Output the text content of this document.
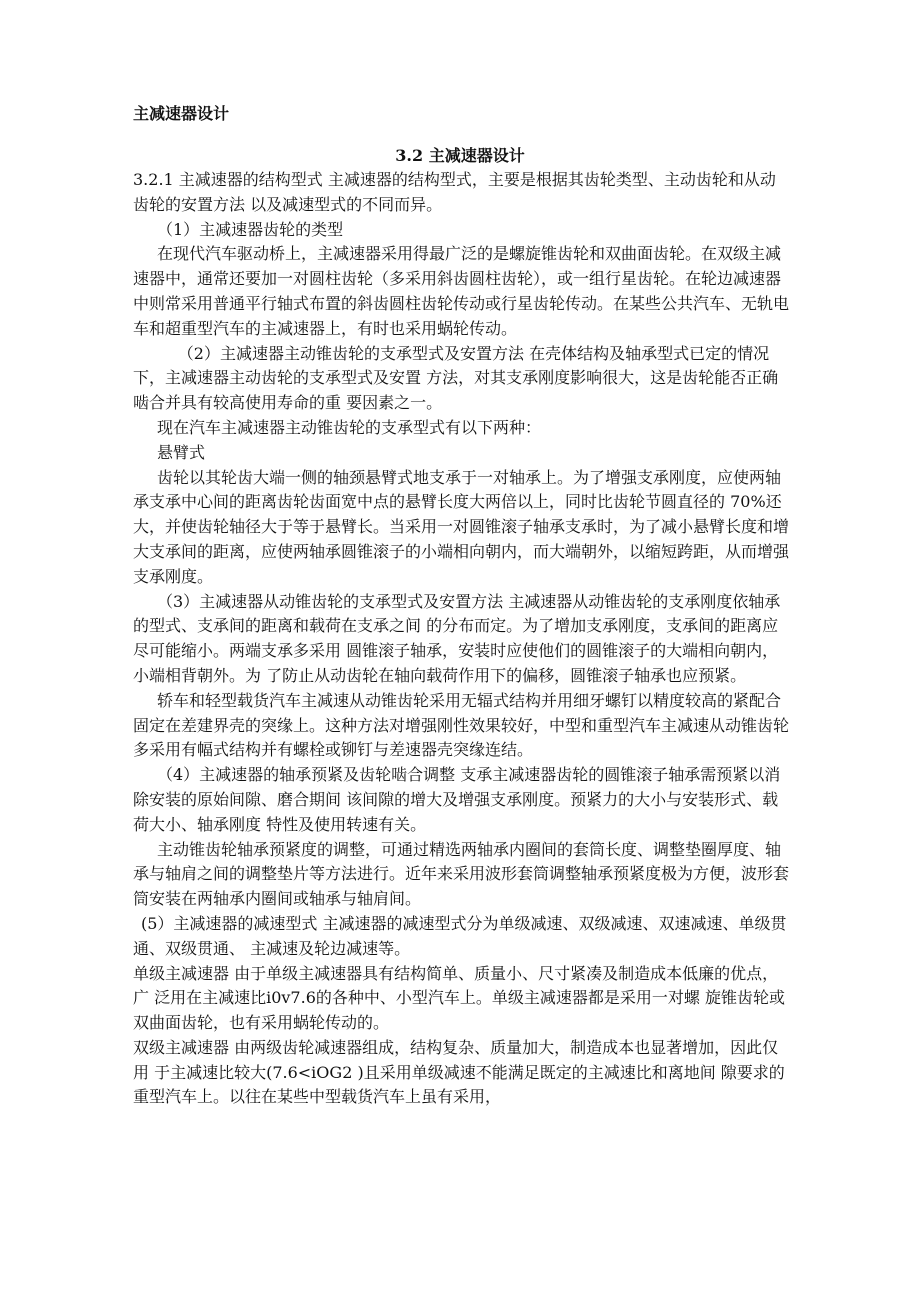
主减速器设计
3.2 主减速器设计

3.2.1 主减速器的结构型式 主减速器的结构型式，主要是根据其齿轮类型、主动齿轮和从动齿轮的安置方法 以及减速型式的不同而异。

（1）主减速器齿轮的类型

在现代汽车驱动桥上，主减速器采用得最广泛的是螺旋锥齿轮和双曲面齿轮。在双级主减速器中，通常还要加一对圆柱齿轮（多采用斜齿圆柱齿轮），或一组行星齿轮。在轮边减速器中则常采用普通平行轴式布置的斜齿圆柱齿轮传动或行星齿轮传动。在某些公共汽车、无轨电车和超重型汽车的主减速器上，有时也采用蜗轮传动。

（2）主减速器主动锥齿轮的支承型式及安置方法 在壳体结构及轴承型式已定的情况下，主减速器主动齿轮的支承型式及安置 方法，对其支承刚度影响很大，这是齿轮能否正确啮合并具有较高使用寿命的重 要因素之一。

现在汽车主减速器主动锥齿轮的支承型式有以下两种：

悬臂式

齿轮以其轮齿大端一侧的轴颈悬臂式地支承于一对轴承上。为了增强支承刚度，应使两轴承支承中心间的距离齿轮齿面宽中点的悬臂长度大两倍以上，同时比齿轮节圆直径的 70%还大，并使齿轮轴径大于等于悬臂长。当采用一对圆锥滚子轴承支承时，为了减小悬臂长度和增大支承间的距离，应使两轴承圆锥滚子的小端相向朝内，而大端朝外，以缩短跨距，从而增强支承刚度。

（3）主减速器从动锥齿轮的支承型式及安置方法 主减速器从动锥齿轮的支承刚度依轴承的型式、支承间的距离和载荷在支承之间 的分布而定。为了增加支承刚度，支承间的距离应尽可能缩小。两端支承多采用 圆锥滚子轴承，安装时应使他们的圆锥滚子的大端相向朝内，小端相背朝外。为 了防止从动齿轮在轴向载荷作用下的偏移，圆锥滚子轴承也应预紧。

轿车和轻型载货汽车主减速从动锥齿轮采用无辐式结构并用细牙螺钉以精度较高的紧配合固定在差建界壳的突缘上。这种方法对增强刚性效果较好，中型和重型汽车主减速从动锥齿轮多采用有幅式结构并有螺栓或铆钉与差速器壳突缘连结。

（4）主减速器的轴承预紧及齿轮啮合调整 支承主减速器齿轮的圆锥滚子轴承需预紧以消除安装的原始间隙、磨合期间 该间隙的增大及增强支承刚度。预紧力的大小与安装形式、载荷大小、轴承刚度 特性及使用转速有关。

主动锥齿轮轴承预紧度的调整，可通过精选两轴承内圈间的套筒长度、调整垫圈厚度、轴承与轴肩之间的调整垫片等方法进行。近年来采用波形套筒调整轴承预紧度极为方便，波形套筒安装在两轴承内圈间或轴承与轴肩间。

(5）主减速器的减速型式 主减速器的减速型式分为单级减速、双级减速、双速减速、单级贯通、双级贯通、 主减速及轮边减速等。

单级主减速器 由于单级主减速器具有结构简单、质量小、尺寸紧凑及制造成本低廉的优点，广 泛用在主减速比i0v7.6的各种中、小型汽车上。单级主减速器都是采用一对螺 旋锥齿轮或双曲面齿轮，也有采用蜗轮传动的。

双级主减速器 由两级齿轮减速器组成，结构复杂、质量加大，制造成本也显著增加，因此仅用 于主减速比较大(7.6<iOG2 )且采用单级减速不能满足既定的主减速比和离地间 隙要求的重型汽车上。以往在某些中型载货汽车上虽有采用，
